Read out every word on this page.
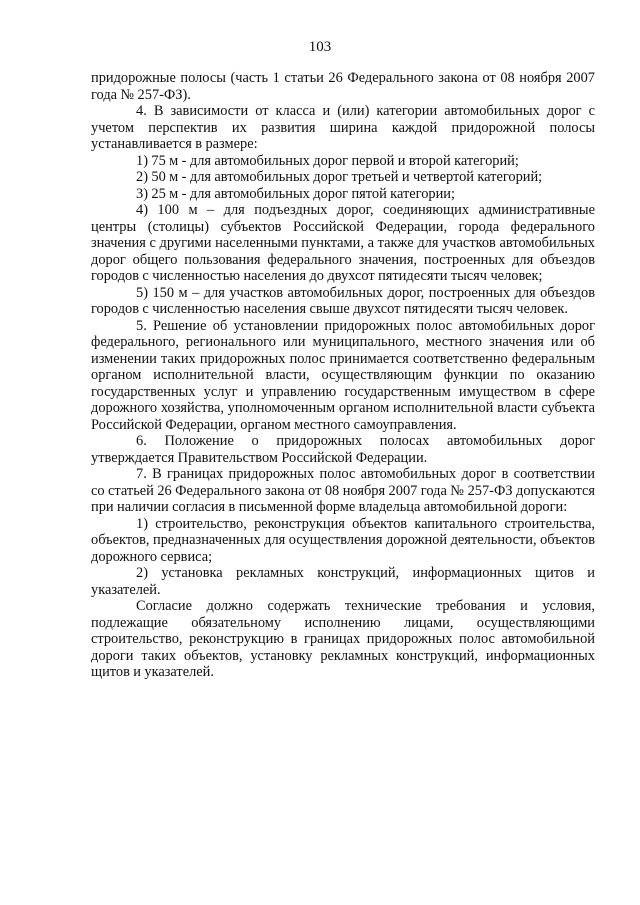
103

придорожные полосы (часть 1 статьи 26 Федерального закона от 08 ноября 2007 года № 257-ФЗ).

4. В зависимости от класса и (или) категории автомобильных дорог с учетом перспектив их развития ширина каждой придорожной полосы устанавливается в размере:

1) 75 м - для автомобильных дорог первой и второй категорий;

2) 50 м - для автомобильных дорог третьей и четвертой категорий;

3) 25 м - для автомобильных дорог пятой категории;

4) 100 м – для подъездных дорог, соединяющих административные центры (столицы) субъектов Российской Федерации, города федерального значения с другими населенными пунктами, а также для участков автомобильных дорог общего пользования федерального значения, построенных для объездов городов с численностью населения до двухсот пятидесяти тысяч человек;

5) 150 м – для участков автомобильных дорог, построенных для объездов городов с численностью населения свыше двухсот пятидесяти тысяч человек.

5. Решение об установлении придорожных полос автомобильных дорог федерального, регионального или муниципального, местного значения или об изменении таких придорожных полос принимается соответственно федеральным органом исполнительной власти, осуществляющим функции по оказанию государственных услуг и управлению государственным имуществом в сфере дорожного хозяйства, уполномоченным органом исполнительной власти субъекта Российской Федерации, органом местного самоуправления.

6. Положение о придорожных полосах автомобильных дорог утверждается Правительством Российской Федерации.

7. В границах придорожных полос автомобильных дорог в соответствии со статьей 26 Федерального закона от 08 ноября 2007 года № 257-ФЗ допускаются при наличии согласия в письменной форме владельца автомобильной дороги:

1) строительство, реконструкция объектов капитального строительства, объектов, предназначенных для осуществления дорожной деятельности, объектов дорожного сервиса;

2) установка рекламных конструкций, информационных щитов и указателей.

Согласие должно содержать технические требования и условия, подлежащие обязательному исполнению лицами, осуществляющими строительство, реконструкцию в границах придорожных полос автомобильной дороги таких объектов, установку рекламных конструкций, информационных щитов и указателей.
